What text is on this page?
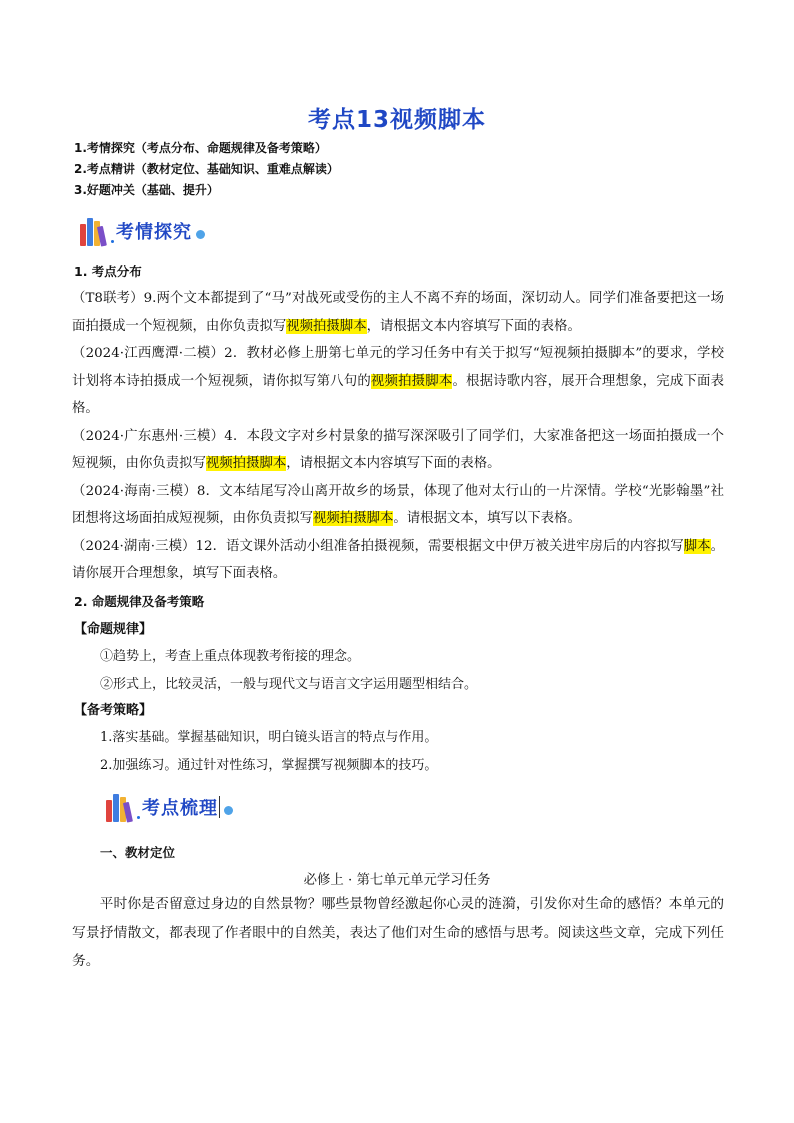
考点13视频脚本
1.考情探究（考点分布、命题规律及备考策略）
2.考点精讲（教材定位、基础知识、重难点解读）
3.好题冲关（基础、提升）
考情探究
1. 考点分布
（T8联考）9.两个文本都提到了“马”对战死或受伤的主人不离不弃的场面，深切动人。同学们准备要把这一场面拍摄成一个短视频，由你负责拟写视频拍摄脚本，请根据文本内容填写下面的表格。
（2024·江西鹰潭·二模）2．教材必修上册第七单元的学习任务中有关于拟写“短视频拍摄脚本”的要求，学校计划将本诗拍摄成一个短视频，请你拟写第八句的视频拍摄脚本。根据诗歌内容，展开合理想象，完成下面表格。
（2024·广东惠州·三模）4．本段文字对乡村景象的描写深深吸引了同学们，大家准备把这一场面拍摄成一个短视频，由你负责拟写视频拍摄脚本，请根据文本内容填写下面的表格。
（2024·海南·三模）8．文本结尾写冷山离开故乡的场景，体现了他对太行山的一片深情。学校“光影翰墨”社团想将这场面拍成短视频，由你负责拟写视频拍摄脚本。请根据文本，填写以下表格。
（2024·湖南·三模）12．语文课外活动小组准备拍摄视频，需要根据文中伊万被关进牢房后的内容拟写脚本。请你展开合理想象，填写下面表格。
2. 命题规律及备考策略
【命题规律】
①趋势上，考查上重点体现教考衔接的理念。
②形式上，比较灵活，一般与现代文与语言文字运用题型相结合。
【备考策略】
1.落实基础。掌握基础知识，明白镜头语言的特点与作用。
2.加强练习。通过针对性练习，掌握撰写视频脚本的技巧。
考点梳理
一、教材定位
必修上 · 第七单元单元学习任务
平时你是否留意过身边的自然景物？哪些景物曾经激起你心灵的涟漪，引发你对生命的感悟？本单元的写景抒情散文，都表现了作者眼中的自然美，表达了他们对生命的感悟与思考。阅读这些文章，完成下列任务。
